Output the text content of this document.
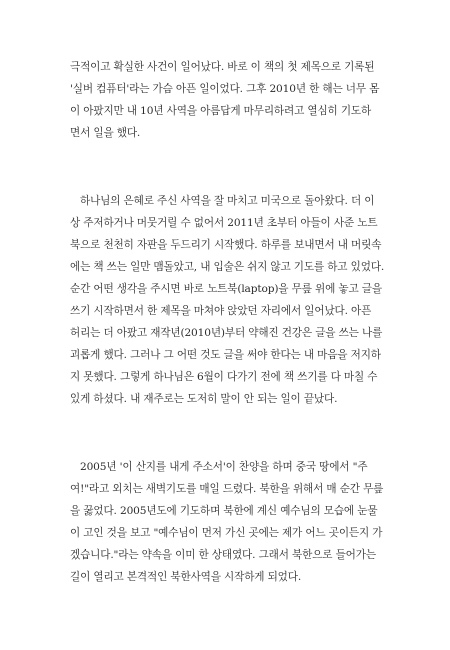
극적이고 확실한 사건이 일어났다. 바로 이 책의 첫 제목으로 기록된
'실버 컴퓨터'라는 가슴 아픈 일이었다. 그후 2010년 한 해는 너무 몸
이 아팠지만 내 10년 사역을 아름답게 마무리하려고 열심히 기도하
면서 일을 했다.
하나님의 은혜로 주신 사역을 잘 마치고 미국으로 돌아왔다. 더 이
상 주저하거나 머뭇거릴 수 없어서 2011년 초부터 아들이 사준 노트
북으로 천천히 자판을 두드리기 시작했다. 하루를 보내면서 내 머릿속
에는 책 쓰는 일만 맴돌았고, 내 입술은 쉬지 않고 기도를 하고 있었다.
순간 어떤 생각을 주시면 바로 노트북(laptop)을 무릎 위에 놓고 글을
쓰기 시작하면서 한 제목을 마쳐야 앉았던 자리에서 일어났다. 아픈
허리는 더 아팠고 재작년(2010년)부터 약해진 건강은 글을 쓰는 나를
괴롭게 했다. 그러나 그 어떤 것도 글을 써야 한다는 내 마음을 저지하
지 못했다. 그렇게 하나님은 6월이 다가기 전에 책 쓰기를 다 마칠 수
있게 하셨다. 내 재주로는 도저히 말이 안 되는 일이 끝났다.
2005년 '이 산지를 내게 주소서'이 찬양을 하며 중국 땅에서 "주
여!"라고 외치는 새벽기도를 매일 드렸다. 북한을 위해서 매 순간 무릎
을 꿇었다. 2005년도에 기도하며 북한에 계신 예수님의 모습에 눈물
이 고인 것을 보고 "예수님이 먼저 가신 곳에는 제가 어느 곳이든지 가
겠습니다."라는 약속을 이미 한 상태였다. 그래서 북한으로 들어가는
길이 열리고 본격적인 북한사역을 시작하게 되었다.
